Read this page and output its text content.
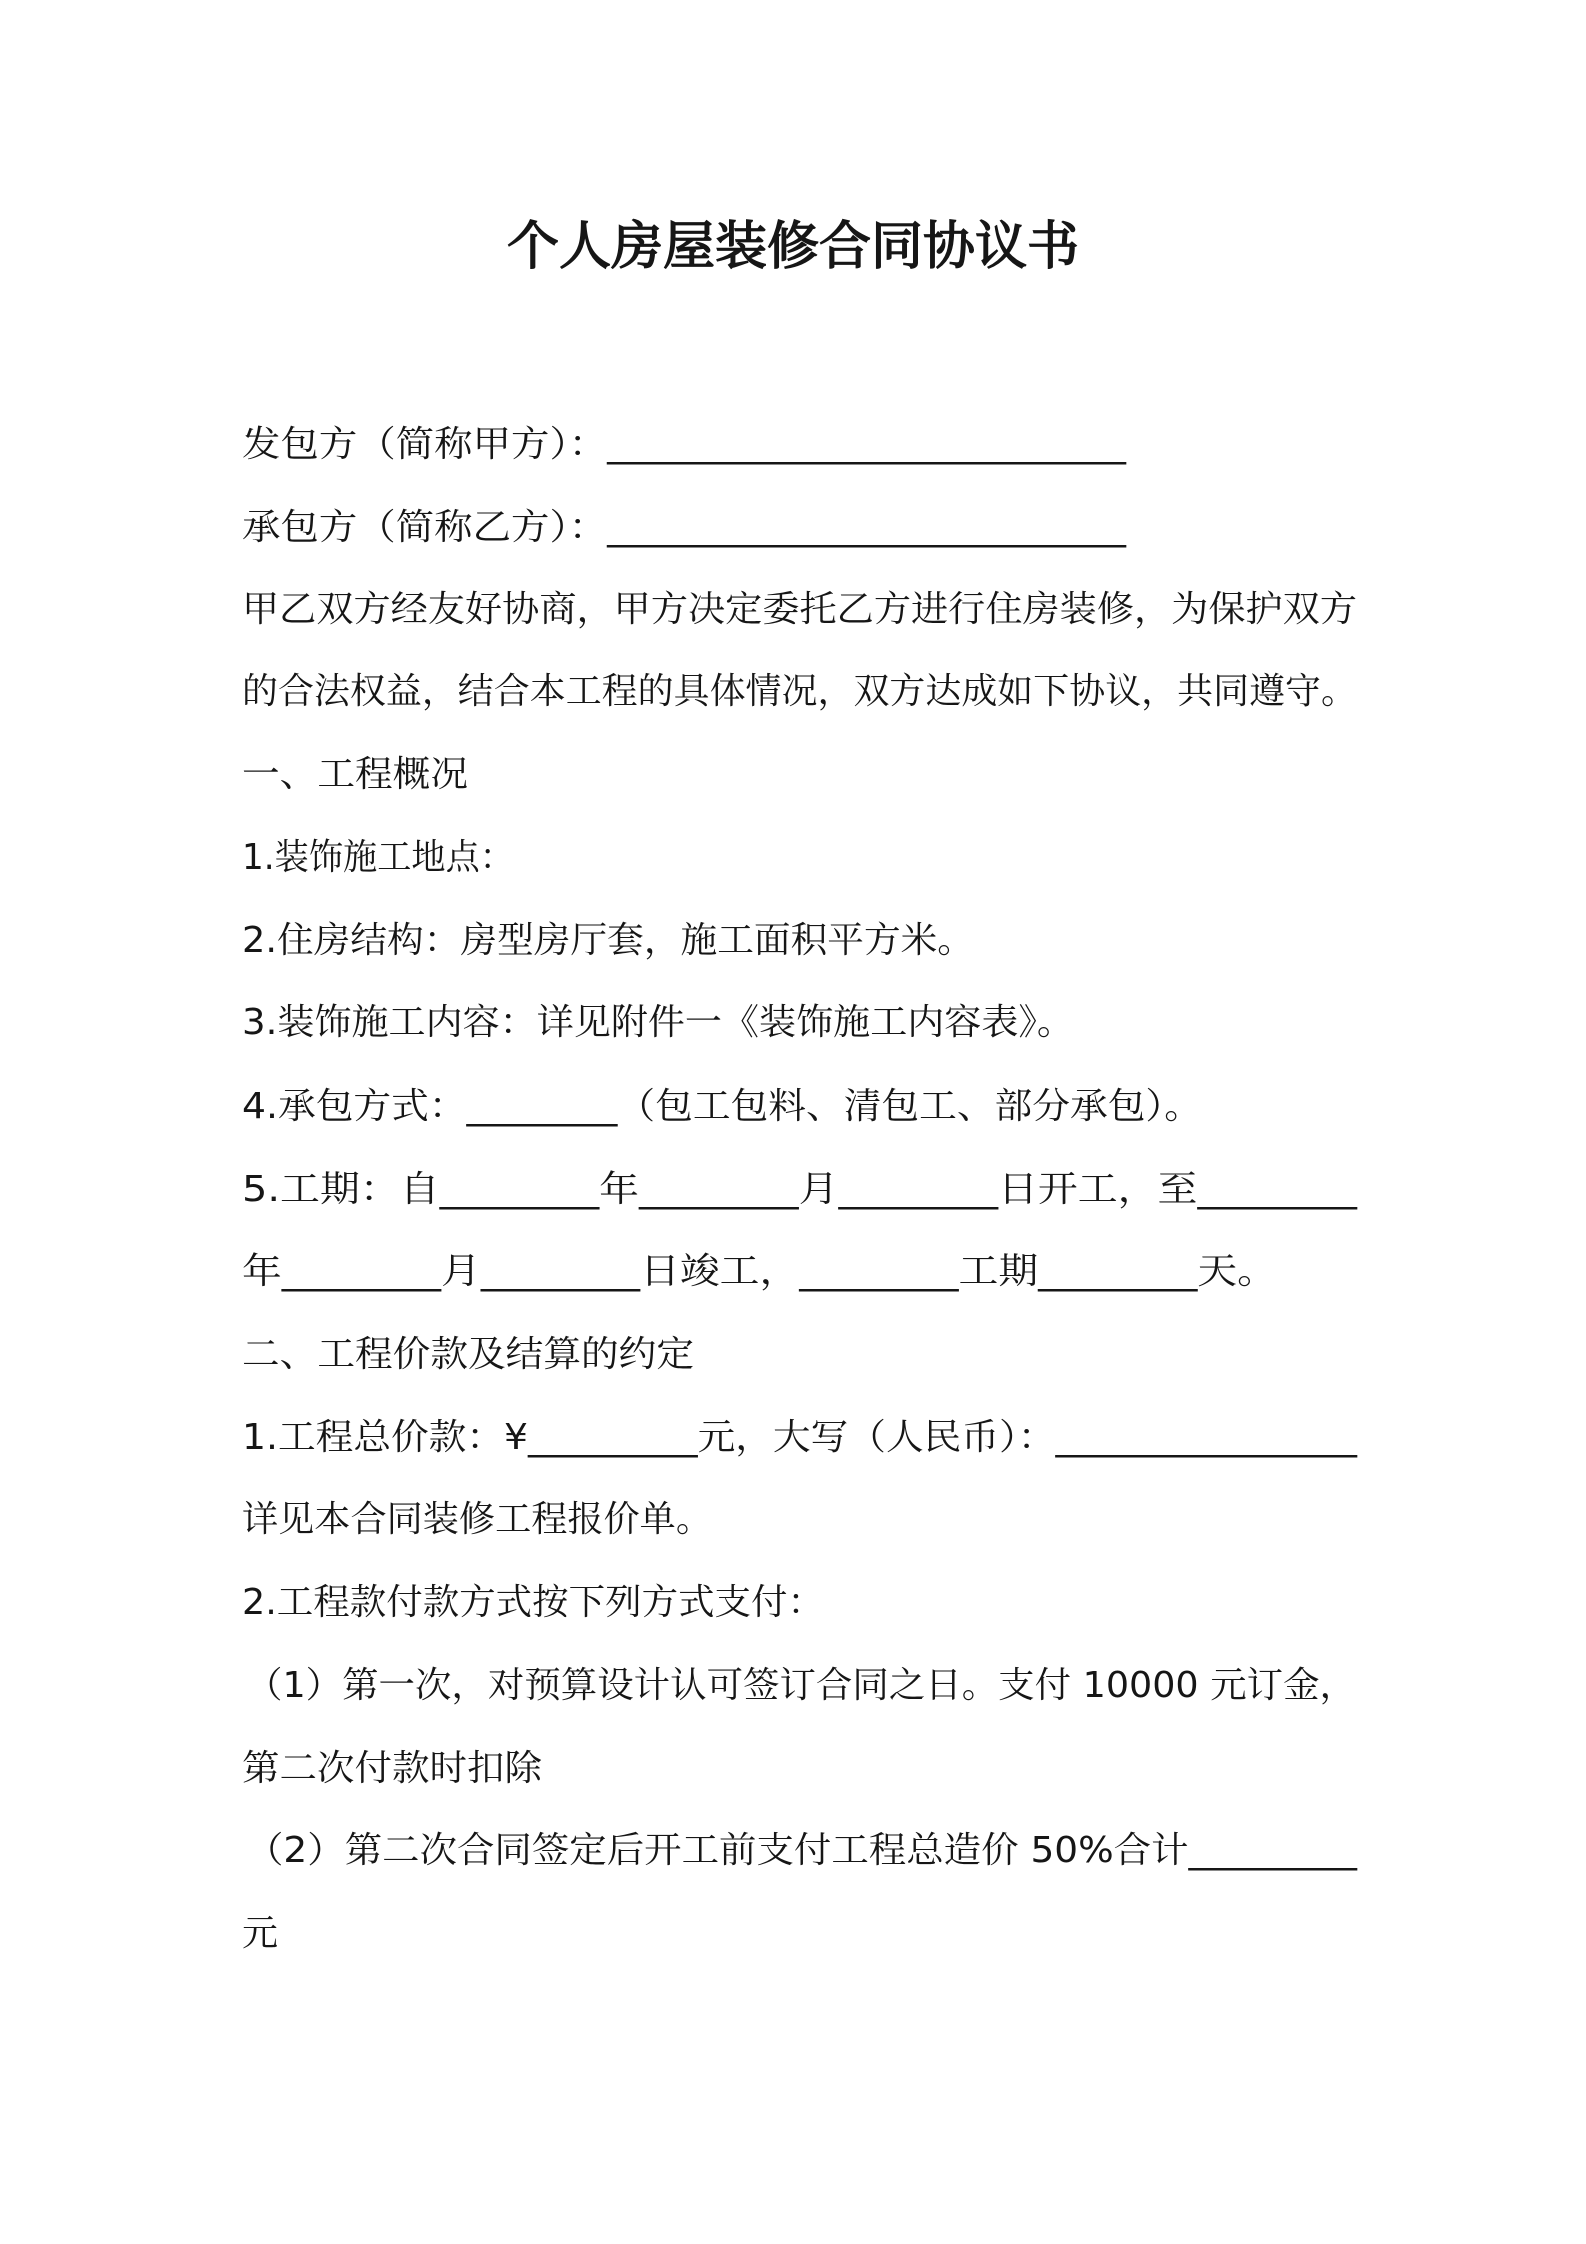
个人房屋装修合同协议书
发包方（简称甲方）：___________________________
承包方（简称乙方）：___________________________
甲乙双方经友好协商，甲方决定委托乙方进行住房装修，为保护双方
的合法权益，结合本工程的具体情况，双方达成如下协议，共同遵守。
一、工程概况
1.装饰施工地点：
2.住房结构：房型房厅套，施工面积平方米。
3.装饰施工内容：详见附件一《装饰施工内容表》。
4.承包方式：________（包工包料、清包工、部分承包）。
5.工期：自________年________月________日开工，至________
年________月________日竣工，________工期________天。
二、工程价款及结算的约定
1.工程总价款：¥_________元，大写（人民币）：________________
详见本合同装修工程报价单。
2.工程款付款方式按下列方式支付：
（1）第一次，对预算设计认可签订合同之日。支付 10000 元订金，
第二次付款时扣除
（2）第二次合同签定后开工前支付工程总造价 50%合计_________
元
